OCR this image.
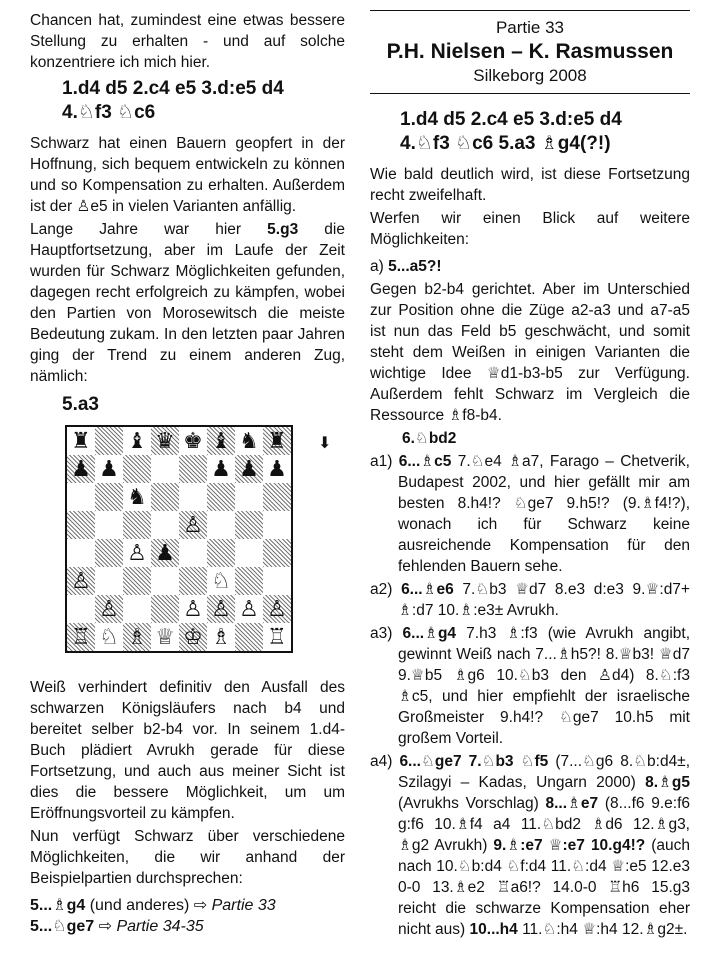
Chancen hat, zumindest eine etwas bessere Stellung zu erhalten - und auf solche konzentriere ich mich hier.

1.d4 d5 2.c4 e5 3.d:e5 d4
4.♘f3 ♘c6

Schwarz hat einen Bauern geopfert in der Hoffnung, sich bequem entwickeln zu können und so Kompensation zu erhalten. Außerdem ist der ♙e5 in vielen Varianten anfällig.

Lange Jahre war hier 5.g3 die Hauptfortsetzung, aber im Laufe der Zeit wurden für Schwarz Möglichkeiten gefunden, dagegen recht erfolgreich zu kämpfen, wobei den Partien von Morosewitsch die meiste Bedeutung zukam. In den letzten paar Jahren ging der Trend zu einem anderen Zug, nämlich:

5.a3
♜ ♝ ♛ ♚ ♝ ♞ ♜
♟ ♟	♟ ♟ ♟
♞
♙
♙ ♟
♙	♘
♙	♙ ♙ ♙ ♙
♖ ♘ ♗ ♕ ♔ ♗ ♖
⬇

Weiß verhindert definitiv den Ausfall des schwarzen Königsläufers nach b4 und bereitet selber b2-b4 vor. In seinem 1.d4-Buch plädiert Avrukh gerade für diese Fortsetzung, und auch aus meiner Sicht ist dies die bessere Möglichkeit, um um Eröffnungsvorteil zu kämpfen.

Nun verfügt Schwarz über verschiedene Möglichkeiten, die wir anhand der Beispielpartien durchsprechen:

5...♗g4 (und anderes) ⇨ Partie 33
5...♘ge7 ⇨ Partie 34-35
Partie 33
P.H. Nielsen – K. Rasmussen
Silkeborg 2008
1.d4 d5 2.c4 e5 3.d:e5 d4
4.♘f3 ♘c6 5.a3 ♗g4(?!)

Wie bald deutlich wird, ist diese Fortsetzung recht zweifelhaft.

Werfen wir einen Blick auf weitere Möglichkeiten:

a) 5...a5?!

Gegen b2-b4 gerichtet. Aber im Unterschied zur Position ohne die Züge a2-a3 und a7-a5 ist nun das Feld b5 geschwächt, und somit steht dem Weißen in einigen Varianten die wichtige Idee ♕d1-b3-b5 zur Verfügung. Außerdem fehlt Schwarz im Vergleich die Ressource ♗f8-b4.

6.♘bd2

a1) 6...♗c5 7.♘e4 ♗a7, Farago – Chetverik, Budapest 2002, und hier gefällt mir am besten 8.h4!? ♘ge7 9.h5!? (9.♗f4!?), wonach ich für Schwarz keine ausreichende Kompensation für den fehlenden Bauern sehe.

a2) 6...♗e6 7.♘b3 ♕d7 8.e3 d:e3 9.♕:d7+ ♗:d7 10.♗:e3± Avrukh.

a3) 6...♗g4 7.h3 ♗:f3 (wie Avrukh angibt, gewinnt Weiß nach 7...♗h5?! 8.♕b3! ♕d7 9.♕b5 ♗g6 10.♘b3 den ♙d4) 8.♘:f3 ♗c5, und hier empfiehlt der israelische Großmeister 9.h4!? ♘ge7 10.h5 mit großem Vorteil.

a4) 6...♘ge7 7.♘b3 ♘f5 (7...♘g6 8.♘b:d4±, Szilagyi – Kadas, Ungarn 2000) 8.♗g5 (Avrukhs Vorschlag) 8...♗e7 (8...f6 9.e:f6 g:f6 10.♗f4 a4 11.♘bd2 ♗d6 12.♗g3, ♗g2 Avrukh) 9.♗:e7 ♕:e7 10.g4!? (auch nach 10.♘b:d4 ♘f:d4 11.♘:d4 ♕:e5 12.e3 0-0 13.♗e2 ♖a6!? 14.0-0 ♖h6 15.g3 reicht die schwarze Kompensation eher nicht aus) 10...h4 11.♘:h4 ♕:h4 12.♗g2±.
